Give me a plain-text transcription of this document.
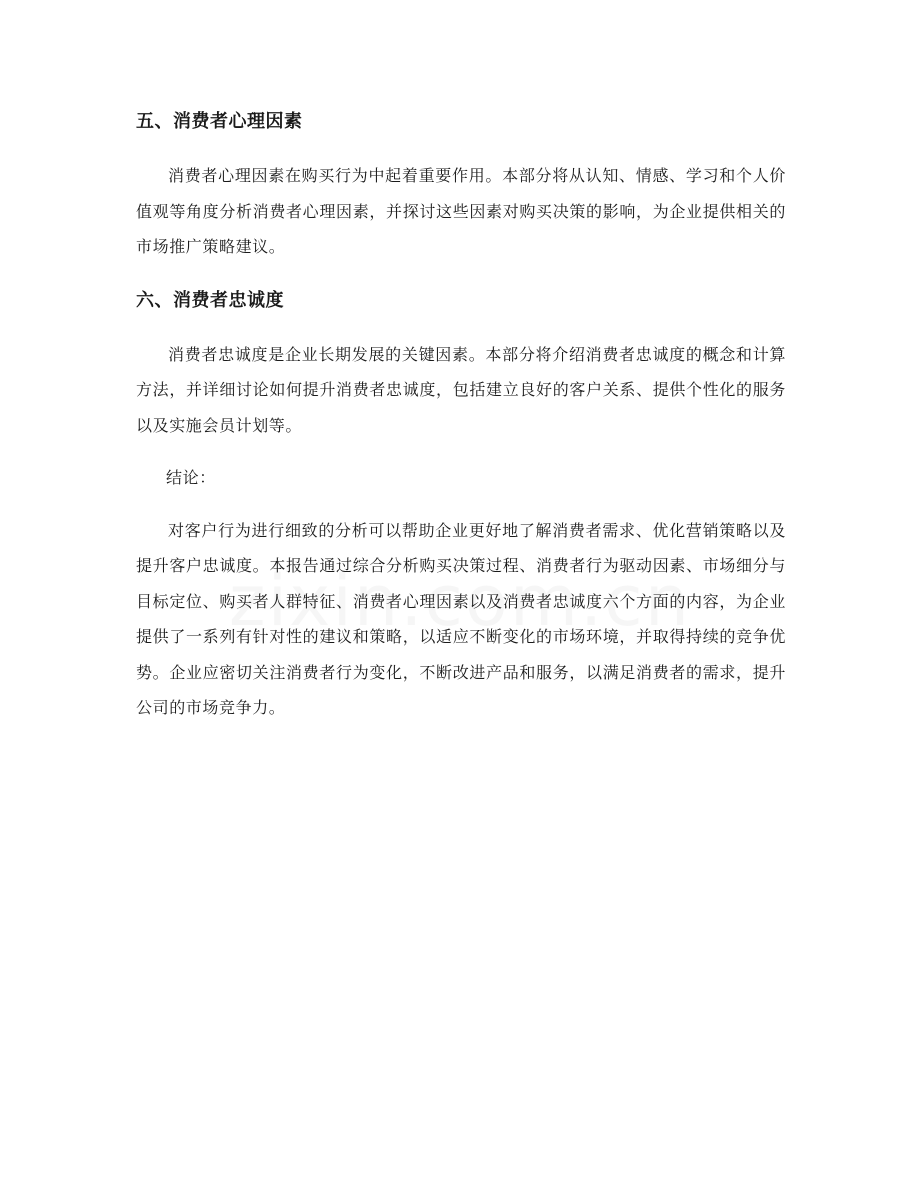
五、消费者心理因素

消费者心理因素在购买行为中起着重要作用。本部分将从认知、情感、学习和个人价值观等角度分析消费者心理因素，并探讨这些因素对购买决策的影响，为企业提供相关的市场推广策略建议。

六、消费者忠诚度

消费者忠诚度是企业长期发展的关键因素。本部分将介绍消费者忠诚度的概念和计算方法，并详细讨论如何提升消费者忠诚度，包括建立良好的客户关系、提供个性化的服务以及实施会员计划等。

结论：

对客户行为进行细致的分析可以帮助企业更好地了解消费者需求、优化营销策略以及提升客户忠诚度。本报告通过综合分析购买决策过程、消费者行为驱动因素、市场细分与目标定位、购买者人群特征、消费者心理因素以及消费者忠诚度六个方面的内容，为企业提供了一系列有针对性的建议和策略，以适应不断变化的市场环境，并取得持续的竞争优势。企业应密切关注消费者行为变化，不断改进产品和服务，以满足消费者的需求，提升公司的市场竞争力。
